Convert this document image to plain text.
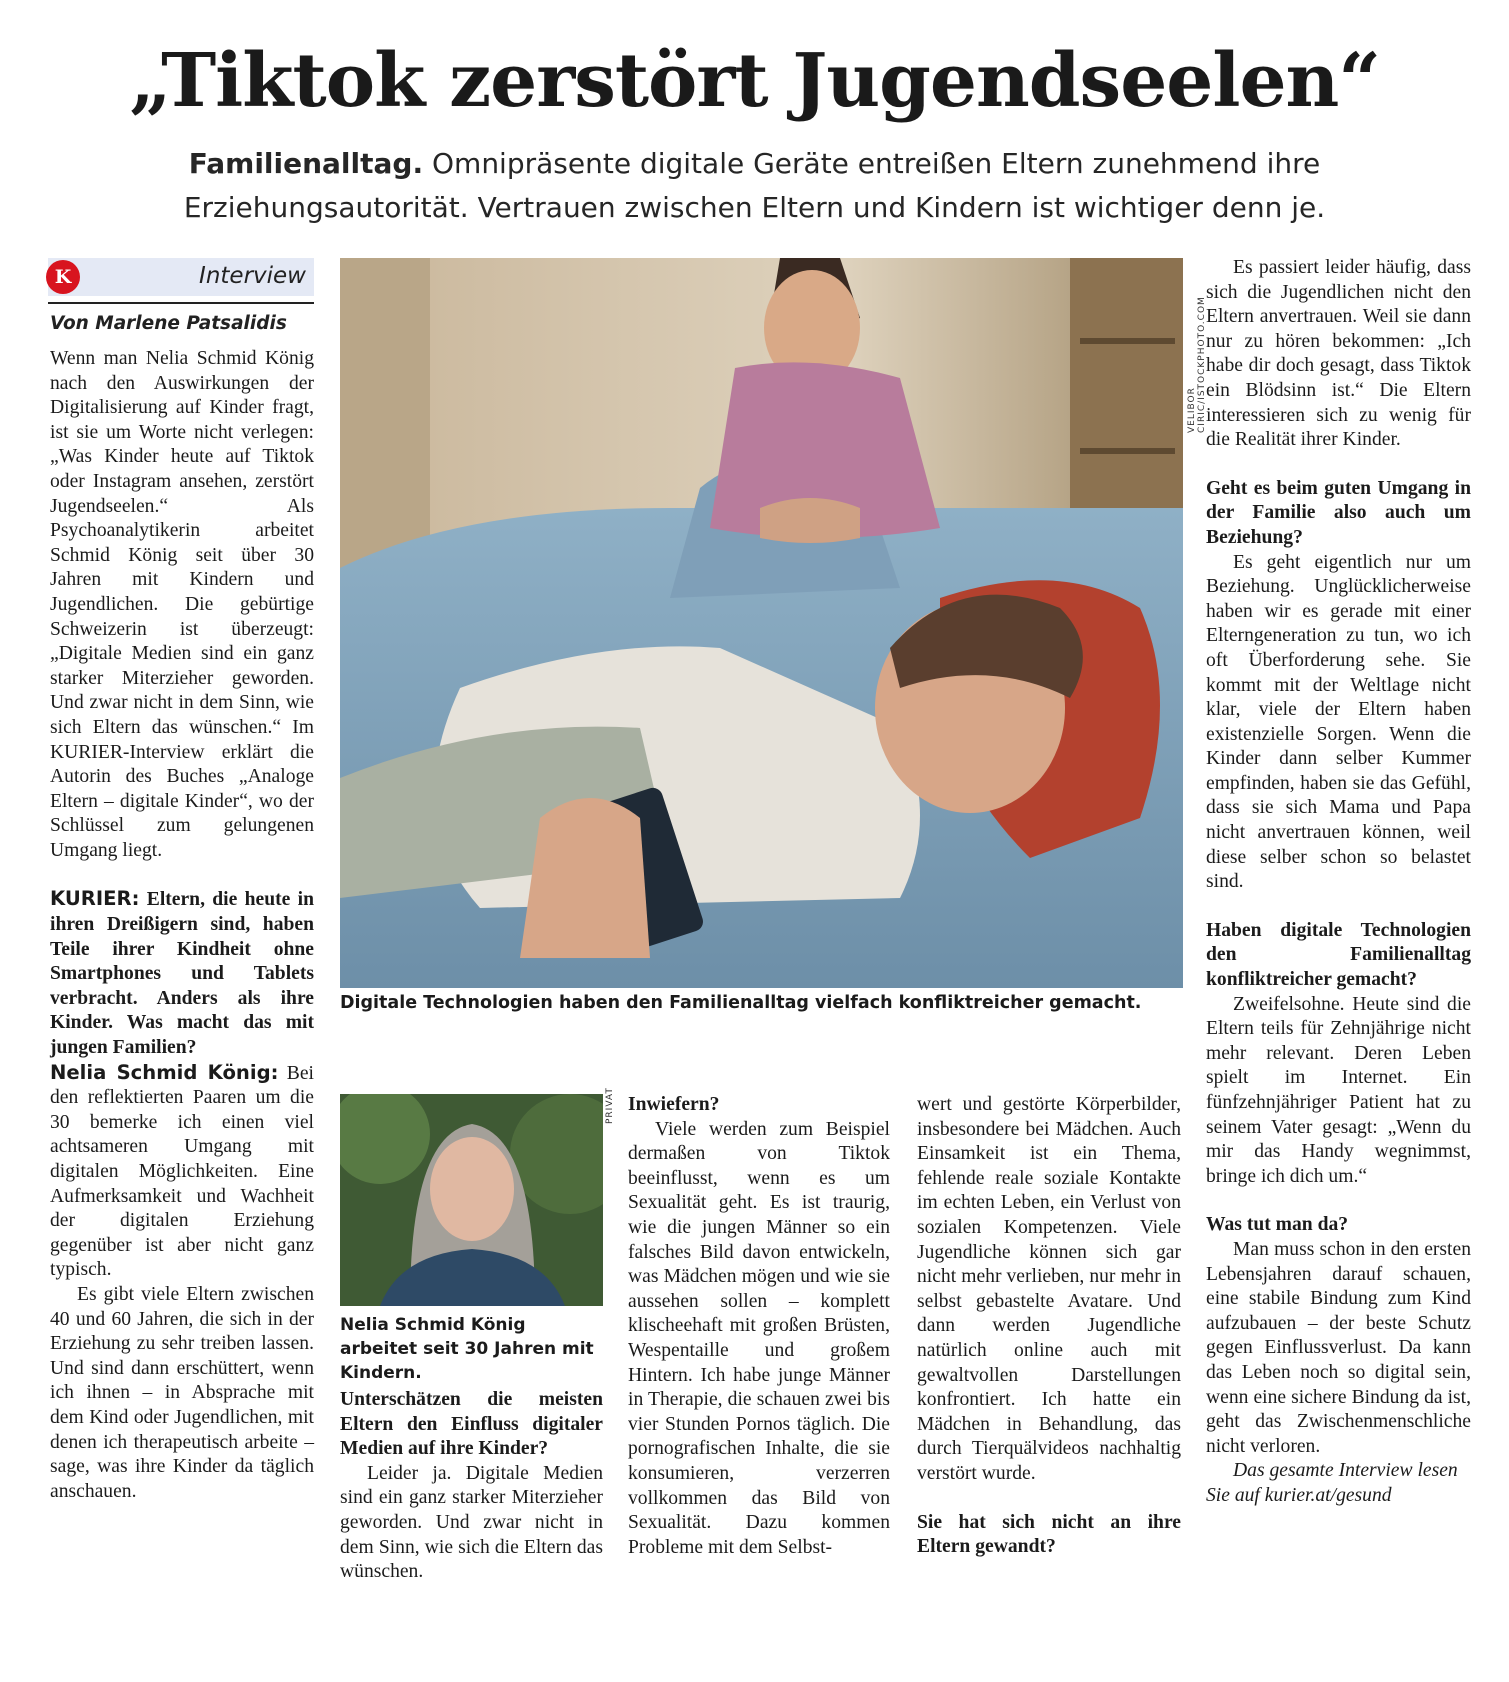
„Tiktok zerstört Jugendseelen“
Familienalltag. Omnipräsente digitale Geräte entreißen Eltern zunehmend ihre
Erziehungsautorität. Vertrauen zwischen Eltern und Kindern ist wichtiger denn je.
K	Interview
Von Marlene Patsalidis

Wenn man Nelia Schmid König nach den Auswirkungen der Digitalisierung auf Kinder fragt, ist sie um Worte nicht verlegen: „Was Kinder heute auf Tiktok oder Instagram ansehen, zerstört Jugendseelen.“ Als Psychoanalytikerin arbeitet Schmid König seit über 30 Jahren mit Kindern und Jugendlichen. Die gebürtige Schweizerin ist überzeugt: „Digitale Medien sind ein ganz starker Miterzieher geworden. Und zwar nicht in dem Sinn, wie sich Eltern das wünschen.“ Im KURIER-Interview erklärt die Autorin des Buches „Analoge Eltern – digitale Kinder“, wo der Schlüssel zum gelungenen Umgang liegt.

KURIER: Eltern, die heute in ihren Dreißigern sind, haben Teile ihrer Kindheit ohne Smartphones und Tablets verbracht. Anders als ihre Kinder. Was macht das mit jungen Familien?

Nelia Schmid König: Bei den reflektierten Paaren um die 30 bemerke ich einen viel achtsameren Umgang mit digitalen Möglichkeiten. Eine Aufmerksamkeit und Wachheit der digitalen Erziehung gegenüber ist aber nicht ganz typisch.

Es gibt viele Eltern zwischen 40 und 60 Jahren, die sich in der Erziehung zu sehr treiben lassen. Und sind dann erschüttert, wenn ich ihnen – in Absprache mit dem Kind oder Jugendlichen, mit denen ich therapeutisch arbeite – sage, was ihre Kinder da täglich anschauen.

VELIBOR CIRIC/ISTOCKPHOTO.COM
Digitale Technologien haben den Familienalltag vielfach konfliktreicher gemacht.
PRIVAT
Nelia Schmid König arbeitet seit 30 Jahren mit Kindern.

Unterschätzen die meisten Eltern den Einfluss digitaler Medien auf ihre Kinder?

Leider ja. Digitale Medien sind ein ganz starker Miterzieher geworden. Und zwar nicht in dem Sinn, wie sich die Eltern das wünschen.

Inwiefern?

Viele werden zum Beispiel dermaßen von Tiktok beeinflusst, wenn es um Sexualität geht. Es ist traurig, wie die jungen Männer so ein falsches Bild davon entwickeln, was Mädchen mögen und wie sie aussehen sollen – komplett klischeehaft mit großen Brüsten, Wespentaille und großem Hintern. Ich habe junge Männer in Therapie, die schauen zwei bis vier Stunden Pornos täglich. Die pornografischen Inhalte, die sie konsumieren, verzerren vollkommen das Bild von Sexualität. Dazu kommen Probleme mit dem Selbst-

wert und gestörte Körperbilder, insbesondere bei Mädchen. Auch Einsamkeit ist ein Thema, fehlende reale soziale Kontakte im echten Leben, ein Verlust von sozialen Kompetenzen. Viele Jugendliche können sich gar nicht mehr verlieben, nur mehr in selbst gebastelte Avatare. Und dann werden Jugendliche natürlich online auch mit gewaltvollen Darstellungen konfrontiert. Ich hatte ein Mädchen in Behandlung, das durch Tierquälvideos nachhaltig verstört wurde.

Sie hat sich nicht an ihre Eltern gewandt?

Es passiert leider häufig, dass sich die Jugendlichen nicht den Eltern anvertrauen. Weil sie dann nur zu hören bekommen: „Ich habe dir doch gesagt, dass Tiktok ein Blödsinn ist.“ Die Eltern interessieren sich zu wenig für die Realität ihrer Kinder.

Geht es beim guten Umgang in der Familie also auch um Beziehung?

Es geht eigentlich nur um Beziehung. Unglücklicherweise haben wir es gerade mit einer Elterngeneration zu tun, wo ich oft Überforderung sehe. Sie kommt mit der Weltlage nicht klar, viele der Eltern haben existenzielle Sorgen. Wenn die Kinder dann selber Kummer empfinden, haben sie das Gefühl, dass sie sich Mama und Papa nicht anvertrauen können, weil diese selber schon so belastet sind.

Haben digitale Technologien den Familienalltag konfliktreicher gemacht?

Zweifelsohne. Heute sind die Eltern teils für Zehnjährige nicht mehr relevant. Deren Leben spielt im Internet. Ein fünfzehnjähriger Patient hat zu seinem Vater gesagt: „Wenn du mir das Handy wegnimmst, bringe ich dich um.“

Was tut man da?

Man muss schon in den ersten Lebensjahren darauf schauen, eine stabile Bindung zum Kind aufzubauen – der beste Schutz gegen Einflussverlust. Da kann das Leben noch so digital sein, wenn eine sichere Bindung da ist, geht das Zwischenmenschliche nicht verloren.

Das gesamte Interview lesen Sie auf kurier.at/gesund
